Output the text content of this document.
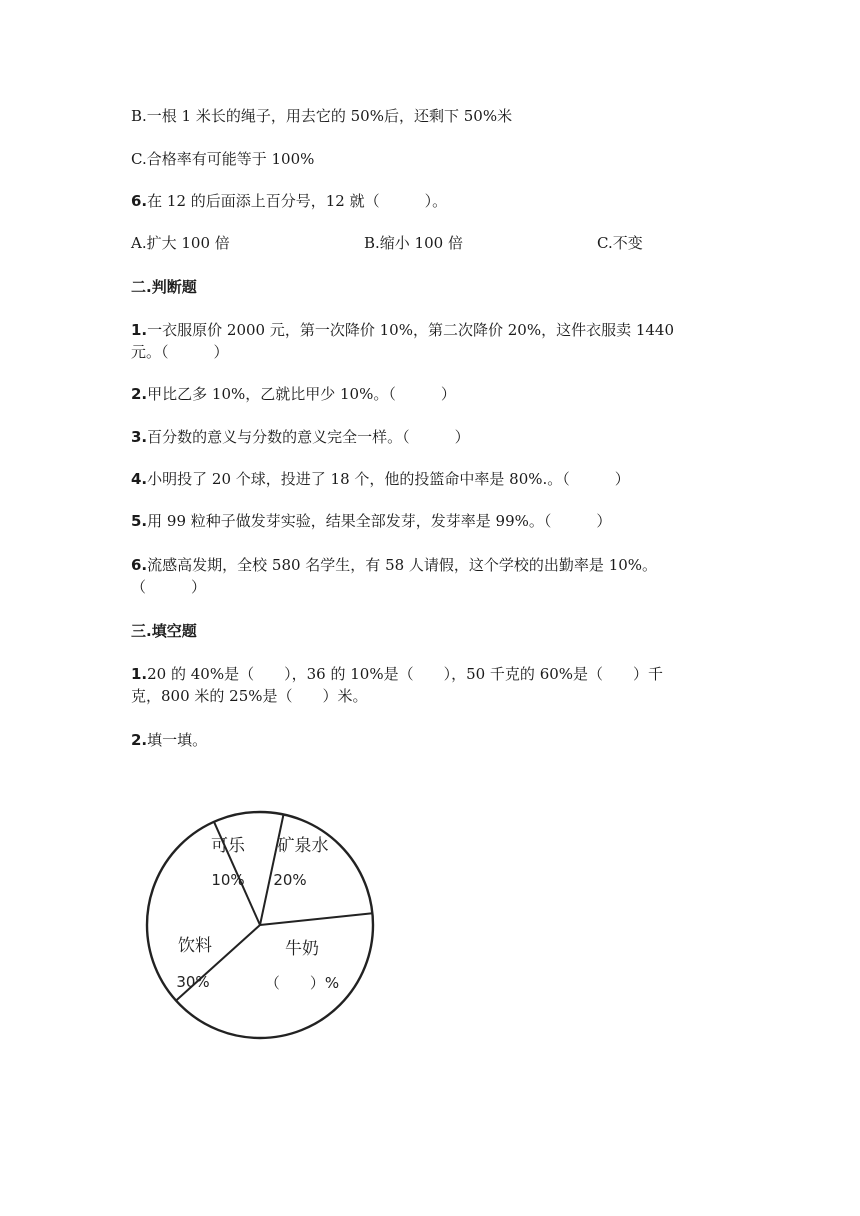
B.一根 1 米长的绳子，用去它的 50%后，还剩下 50%米
C.合格率有可能等于 100%
6.在 12 的后面添上百分号，12 就（　　　）。
A.扩大 100 倍	B.缩小 100 倍	C.不变
二.判断题
1.一衣服原价 2000 元，第一次降价 10%，第二次降价 20%，这件衣服卖 1440
元。（　　　）
2.甲比乙多 10%，乙就比甲少 10%。（　　　）
3.百分数的意义与分数的意义完全一样。（　　　）
4.小明投了 20 个球，投进了 18 个，他的投篮命中率是 80%.。（　　　）
5.用 99 粒种子做发芽实验，结果全部发芽，发芽率是 99%。（　　　）
6.流感高发期，全校 580 名学生，有 58 人请假，这个学校的出勤率是 10%。
（　　　）
三.填空题
1.20 的 40%是（　　），36 的 10%是（　　），50 千克的 60%是（　　）千
克，800 米的 25%是（　　）米。
2.填一填。
可乐
10%
矿泉水
20%
牛奶
（　　）%
饮料
30%
